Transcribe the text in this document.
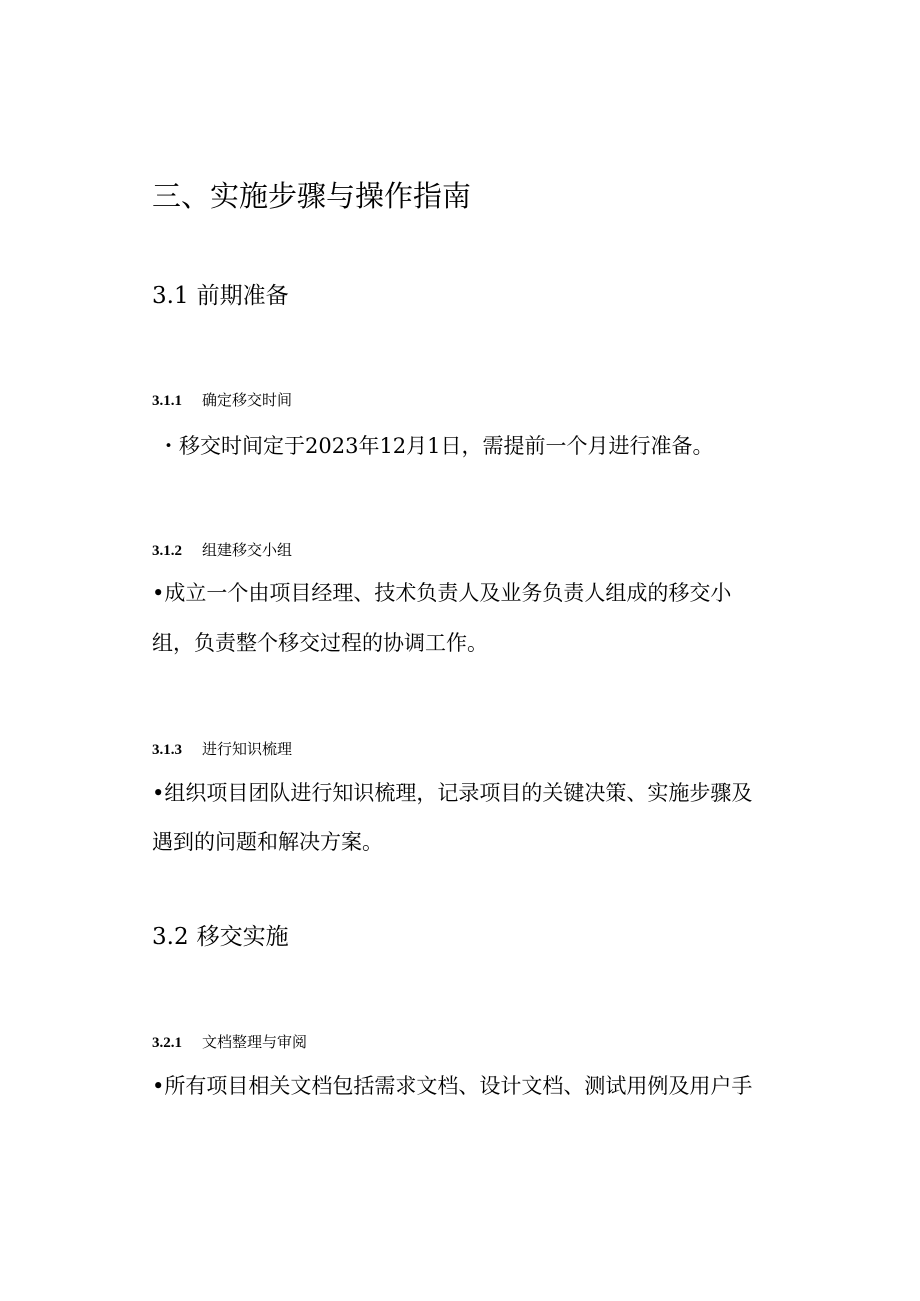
三、实施步骤与操作指南
3.1 前期准备
3.1.1 确定移交时间

・移交时间定于2023年12月1日，需提前一个月进行准备。

3.1.2 组建移交小组

•成立一个由项目经理、技术负责人及业务负责人组成的移交小

组，负责整个移交过程的协调工作。

3.1.3 进行知识梳理

•组织项目团队进行知识梳理，记录项目的关键决策、实施步骤及

遇到的问题和解决方案。

3.2 移交实施
3.2.1 文档整理与审阅

•所有项目相关文档包括需求文档、设计文档、测试用例及用户手
